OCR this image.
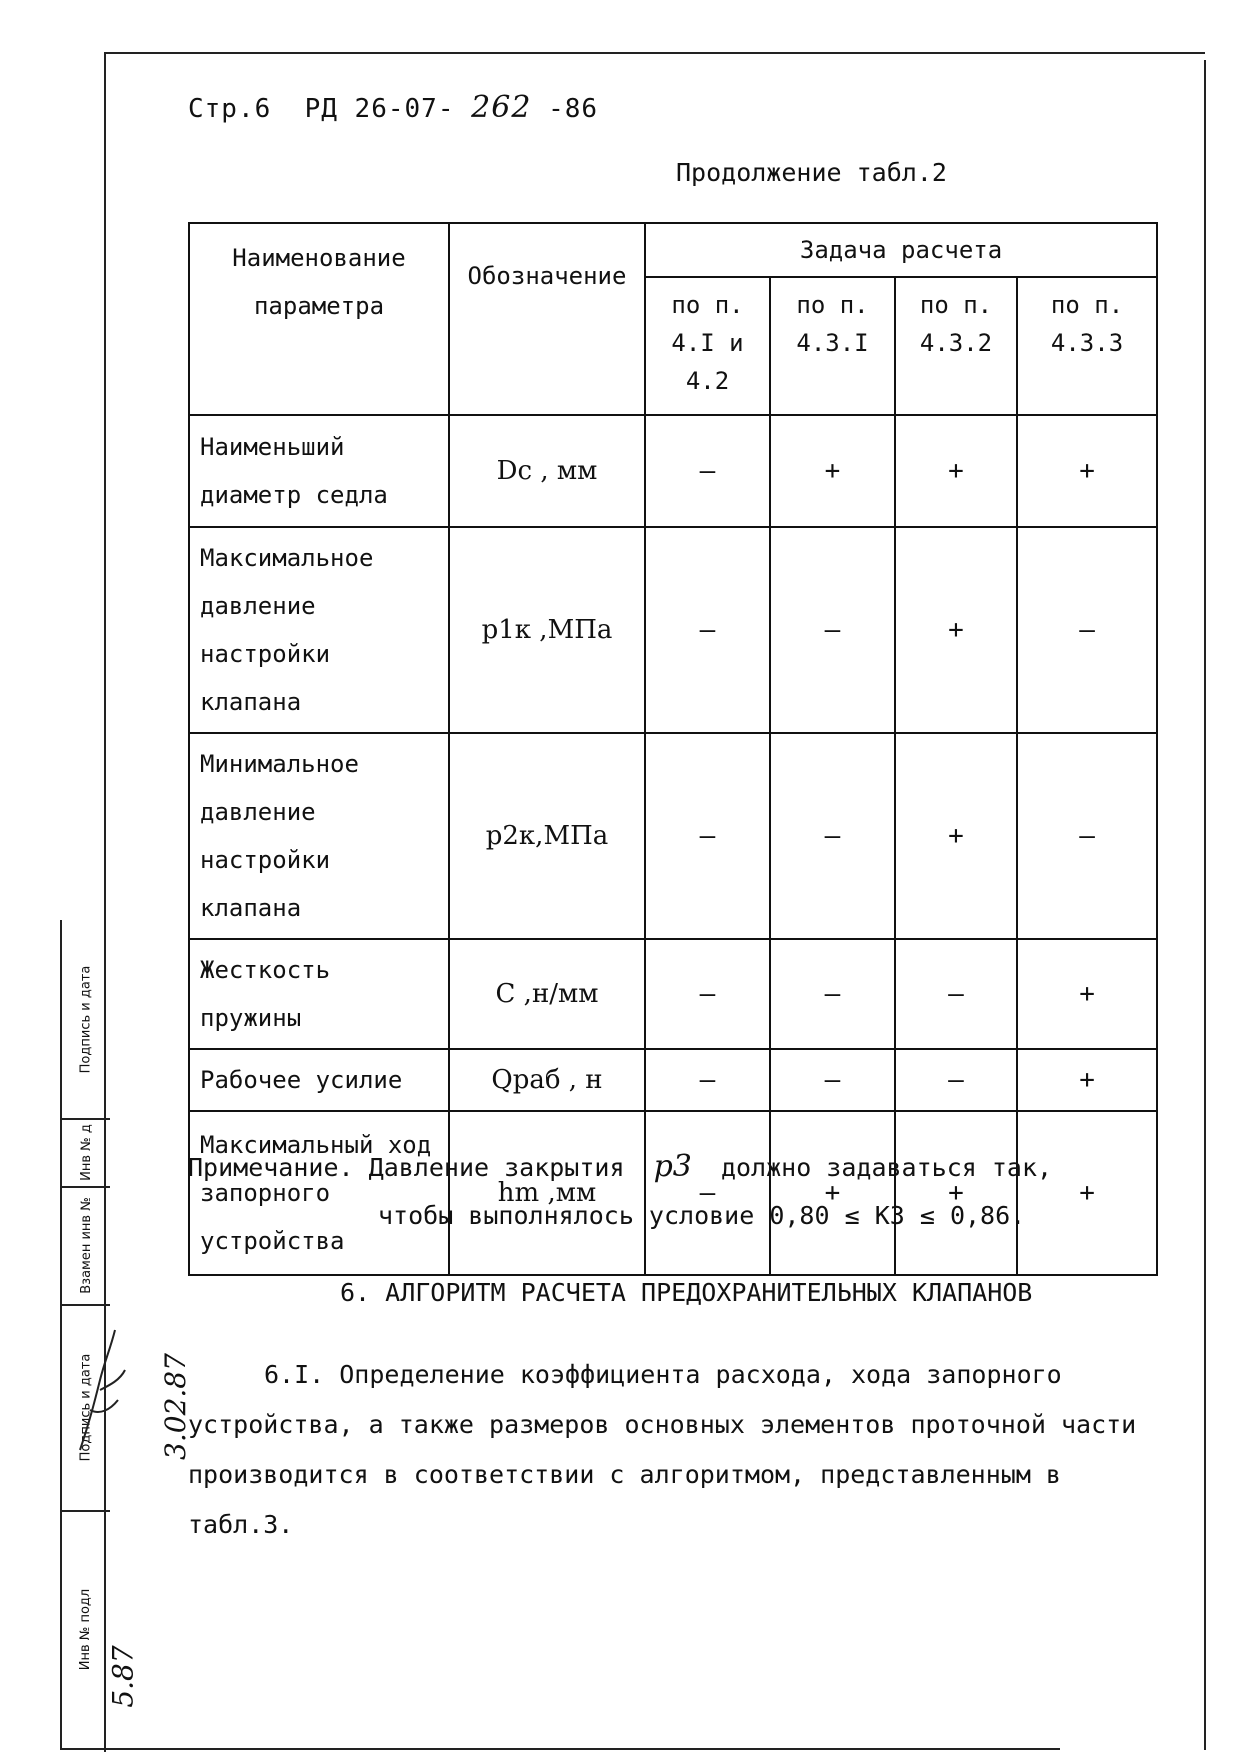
Стр.6 РД 26-07- 262 -86
Продолжение табл.2
Наименование параметра	Обозначение	Задача расчета			
		по п. 4.I и 4.2	по п. 4.3.I	по п. 4.3.2	по п. 4.3.3
Наименьший диаметр седла	Dс , мм	–	+	+	+
Максимальное давление настройки клапана	p1к ,МПа	–	–	+	–
Минимальное давление настройки клапана	p2к,МПа	–	–	+	–
Жесткость пружины	C ,н/мм	–	–	–	+
Рабочее усилие	Qраб , н	–	–	–	+
Максимальный ход запорного устройства	hm ,мм	–	+	+	+
Примечание. Давление закрытия p3 должно задаваться так,
чтобы выполнялось условие 0,80 ≤ K3 ≤ 0,86.
6. АЛГОРИТМ РАСЧЕТА ПРЕДОХРАНИТЕЛЬНЫХ КЛАПАНОВ
6.I. Определение коэффициента расхода, хода запорного устройства, а также размеров основных элементов проточной части производится в соответствии с алгоритмом, представленным в табл.3.
Подпись и дата
Инв № д
Взамен инв №
Подпись и дата
Инв № подл
3.02.87
5.87
